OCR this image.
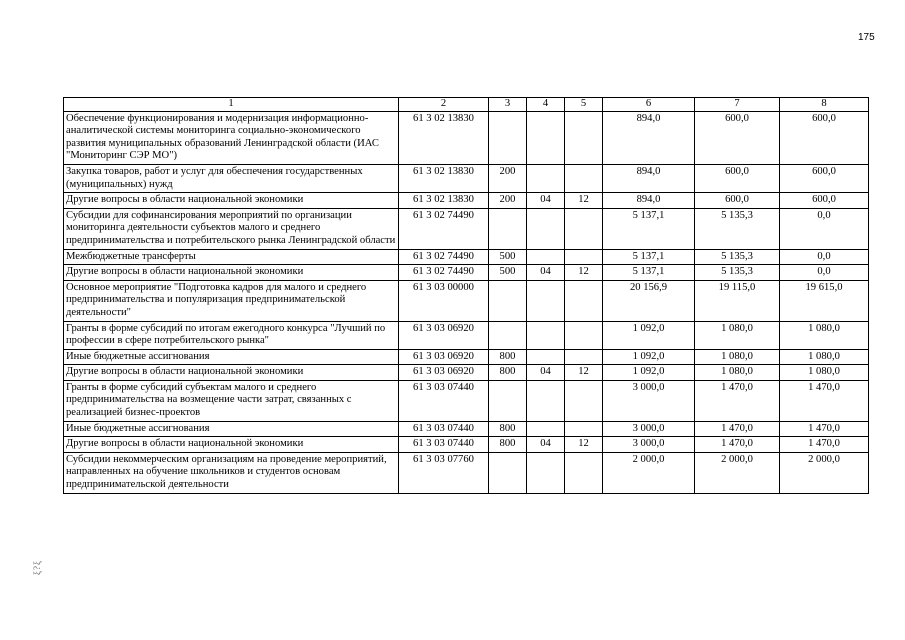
175
1	2	3	4	5	6	7	8
Обеспечение функционирования и модернизация информационно-аналитической системы мониторинга социально-экономического развития муниципальных образований Ленинградской области (ИАС "Мониторинг СЭР МО")	61 3 02 13830				894,0	600,0	600,0
Закупка товаров, работ и услуг для обеспечения государственных (муниципальных) нужд	61 3 02 13830	200			894,0	600,0	600,0
Другие вопросы в области национальной экономики	61 3 02 13830	200	04	12	894,0	600,0	600,0
Субсидии для софинансирования мероприятий по организации мониторинга деятельности субъектов малого и среднего предпринимательства и потребительского рынка Ленинградской области	61 3 02 74490				5 137,1	5 135,3	0,0
Межбюджетные трансферты	61 3 02 74490	500			5 137,1	5 135,3	0,0
Другие вопросы в области национальной экономики	61 3 02 74490	500	04	12	5 137,1	5 135,3	0,0
Основное мероприятие "Подготовка кадров для малого и среднего предпринимательства и популяризация предпринимательской деятельности"	61 3 03 00000				20 156,9	19 115,0	19 615,0
Гранты в форме субсидий по итогам ежегодного конкурса "Лучший по профессии в сфере потребительского рынка"	61 3 03 06920				1 092,0	1 080,0	1 080,0
Иные бюджетные ассигнования	61 3 03 06920	800			1 092,0	1 080,0	1 080,0
Другие вопросы в области национальной экономики	61 3 03 06920	800	04	12	1 092,0	1 080,0	1 080,0
Гранты в форме субсидий субъектам малого и среднего предпринимательства на возмещение части затрат, связанных с реализацией бизнес-проектов	61 3 03 07440				3 000,0	1 470,0	1 470,0
Иные бюджетные ассигнования	61 3 03 07440	800			3 000,0	1 470,0	1 470,0
Другие вопросы в области национальной экономики	61 3 03 07440	800	04	12	3 000,0	1 470,0	1 470,0
Субсидии некоммерческим организациям на проведение мероприятий, направленных на обучение школьников и студентов основам предпринимательской деятельности	61 3 03 07760				2 000,0	2 000,0	2 000,0
ξ?ξ
